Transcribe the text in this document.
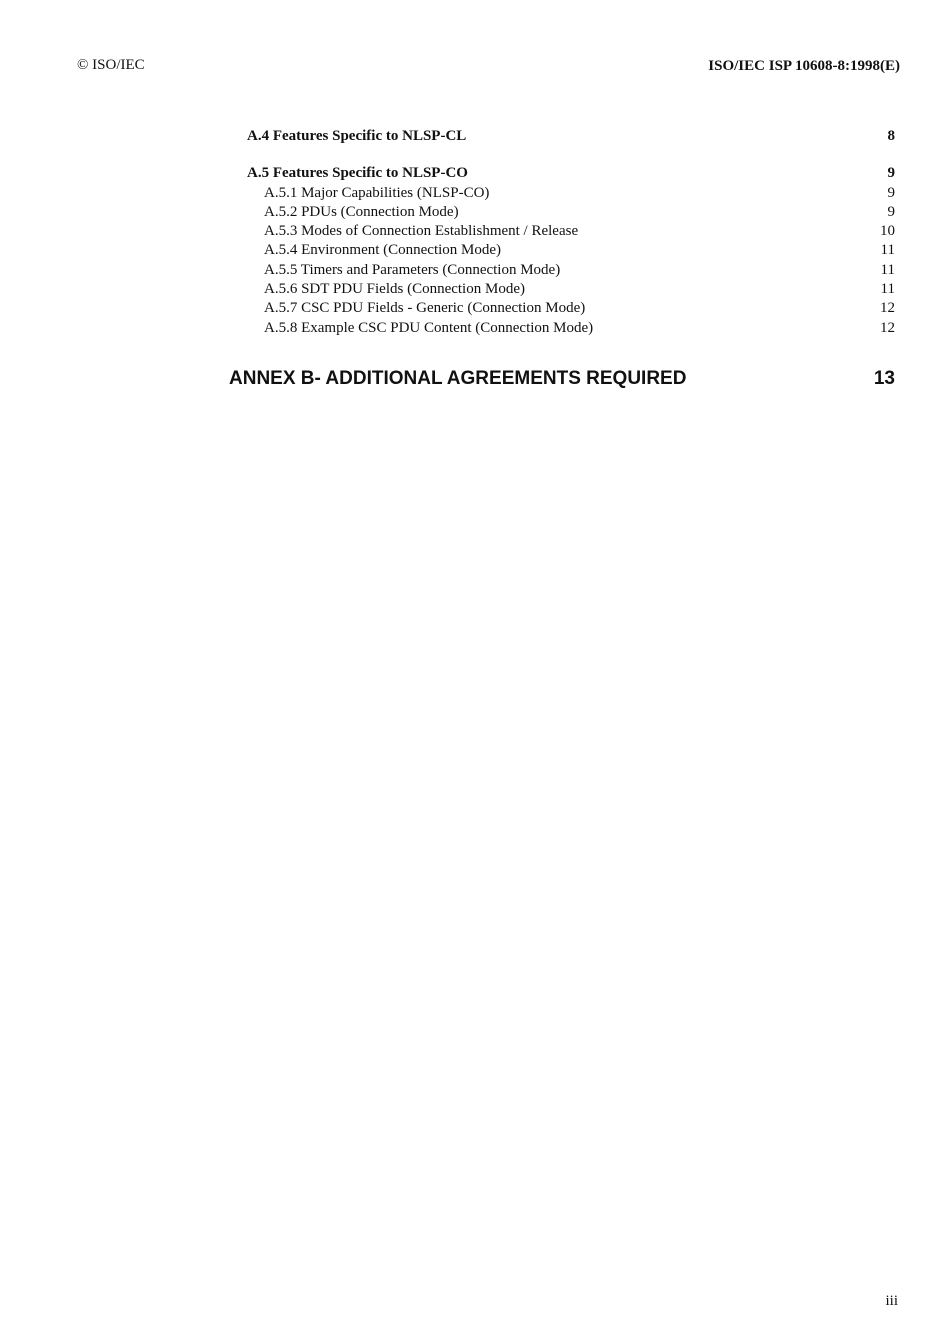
© ISO/IEC	ISO/IEC ISP 10608-8:1998(E)
A.4 Features Specific to NLSP-CL	8
A.5 Features Specific to NLSP-CO	9
A.5.1 Major Capabilities (NLSP-CO)	9
A.5.2 PDUs (Connection Mode)	9
A.5.3 Modes of Connection Establishment / Release	10
A.5.4 Environment (Connection Mode)	11
A.5.5 Timers and Parameters (Connection Mode)	11
A.5.6 SDT PDU Fields (Connection Mode)	11
A.5.7 CSC PDU Fields - Generic (Connection Mode)	12
A.5.8 Example CSC PDU Content (Connection Mode)	12
ANNEX B- ADDITIONAL AGREEMENTS REQUIRED	13
iii
